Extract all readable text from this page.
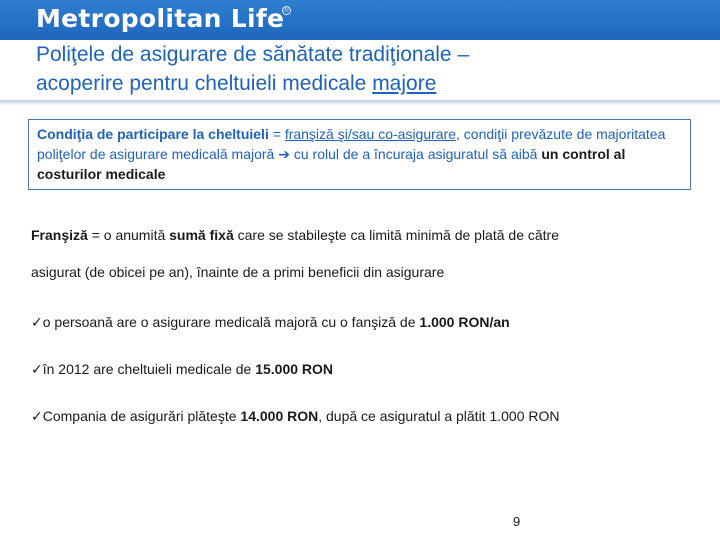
Metropolitan Life ®
Poliţele de asigurare de sănătate tradiţionale –
acoperire pentru cheltuieli medicale majore
Condiţia de participare la cheltuieli = franşiză şi/sau co-asigurare, condiţii prevăzute de majoritatea poliţelor de asigurare medicală majoră ➔ cu rolul de a încuraja asiguratul să aibă un control al costurilor medicale
Franşiză = o anumită sumă fixă care se stabileşte ca limită minimă de plată de către
asigurat (de obicei pe an), înainte de a primi beneficii din asigurare
✓o persoană are o asigurare medicală majoră cu o fanşiză de 1.000 RON/an
✓în 2012 are cheltuieli medicale de 15.000 RON
✓Compania de asigurări plăteşte 14.000 RON, după ce asiguratul a plătit 1.000 RON
9
